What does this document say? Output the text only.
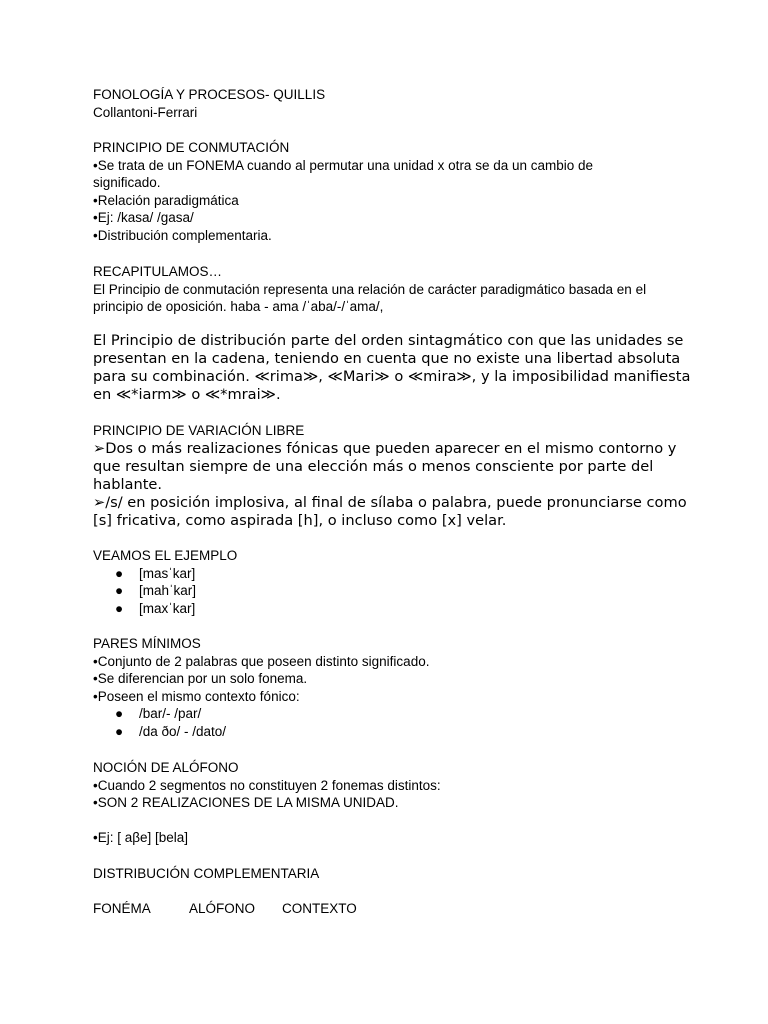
FONOLOGÍA Y PROCESOS- QUILLIS
Collantoni-Ferrari
PRINCIPIO DE CONMUTACIÓN
•Se trata de un FONEMA cuando al permutar una unidad x otra se da un cambio de
significado.
•Relación paradigmática
•Ej: /kasa/ /gasa/
•Distribución complementaria.
RECAPITULAMOS…
El Principio de conmutación representa una relación de carácter paradigmático basada en el
principio de oposición. haba - ama /ˈaba/-/ˈama/,
El Principio de distribución parte del orden sintagmático con que las unidades se
presentan en la cadena, teniendo en cuenta que no existe una libertad absoluta
para su combinación. ≪rima≫, ≪Mari≫ o ≪mira≫, y la imposibilidad manifiesta
en ≪*iarm≫ o ≪*mrai≫.
PRINCIPIO DE VARIACIÓN LIBRE
➢Dos o más realizaciones fónicas que pueden aparecer en el mismo contorno y
que resultan siempre de una elección más o menos consciente por parte del
hablante.
➢/s/ en posición implosiva, al final de sílaba o palabra, puede pronunciarse como
[s] fricativa, como aspirada [h], o incluso como [x] velar.
VEAMOS EL EJEMPLO
● [masˈkar]
● [mahˈkar]
● [maxˈkar]
PARES MÍNIMOS
•Conjunto de 2 palabras que poseen distinto significado.
•Se diferencian por un solo fonema.
•Poseen el mismo contexto fónico:
● /bar/- /par/
● /da ðo/ - /dato/
NOCIÓN DE ALÓFONO
•Cuando 2 segmentos no constituyen 2 fonemas distintos:
•SON 2 REALIZACIONES DE LA MISMA UNIDAD.
•Ej: [ aβe] [bela]
DISTRIBUCIÓN COMPLEMENTARIA
FONÉMA	ALÓFONO CONTEXTO
